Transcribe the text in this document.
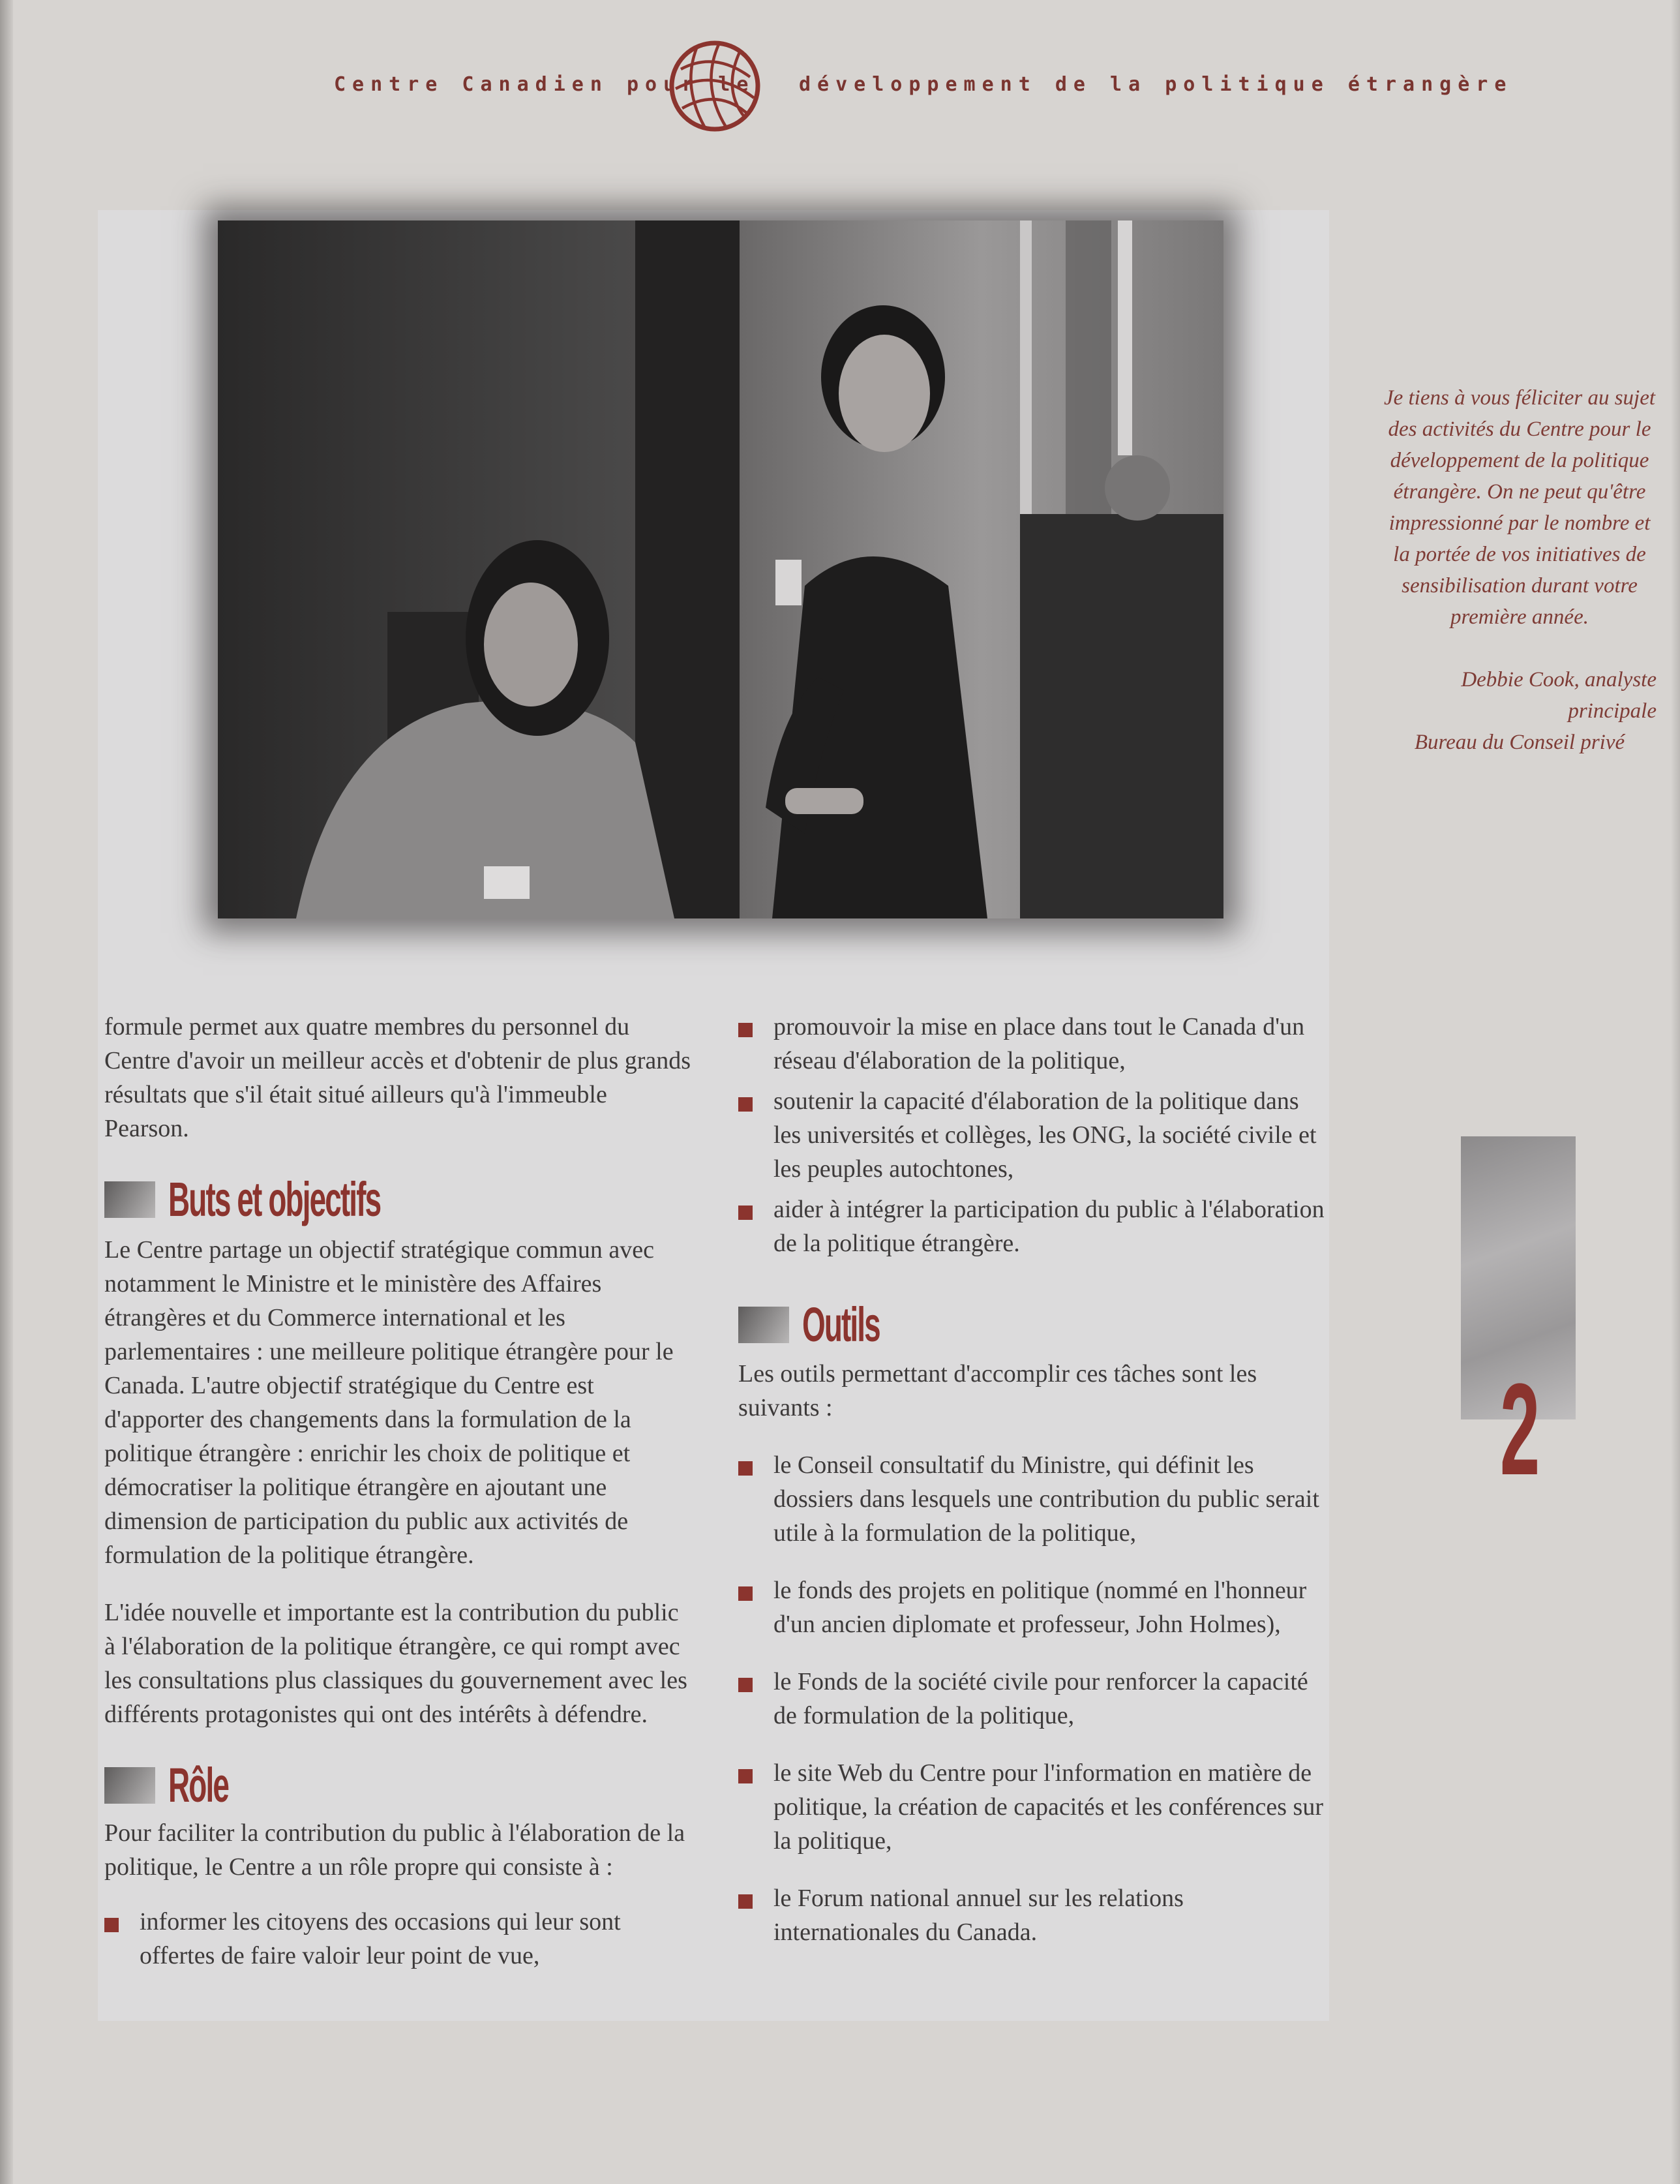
Centre Canadien pour le développement de la politique étrangère

Je tiens à vous féliciter au sujet des activités du Centre pour le développement de la politique étrangère. On ne peut qu'être impressionné par le nombre et la portée de vos initiatives de sensibilisation durant votre première année.

Debbie Cook, analyste
principale
Bureau du Conseil privé

formule permet aux quatre membres du personnel du Centre d'avoir un meilleur accès et d'obtenir de plus grands résultats que s'il était situé ailleurs qu'à l'immeuble Pearson.

Buts et objectifs

Le Centre partage un objectif stratégique commun avec notamment le Ministre et le ministère des Affaires étrangères et du Commerce international et les parlementaires : une meilleure politique étrangère pour le Canada. L'autre objectif stratégique du Centre est d'apporter des changements dans la formulation de la politique étrangère : enrichir les choix de politique et démocratiser la politique étrangère en ajoutant une dimension de participation du public aux activités de formulation de la politique étrangère.

L'idée nouvelle et importante est la contribution du public à l'élaboration de la politique étrangère, ce qui rompt avec les consultations plus classiques du gouvernement avec les différents protagonistes qui ont des intérêts à défendre.

Rôle

Pour faciliter la contribution du public à l'élaboration de la politique, le Centre a un rôle propre qui consiste à :

informer les citoyens des occasions qui leur sont offertes de faire valoir leur point de vue,
promouvoir la mise en place dans tout le Canada d'un réseau d'élaboration de la politique,
soutenir la capacité d'élaboration de la politique dans les universités et collèges, les ONG, la société civile et les peuples autochtones,
aider à intégrer la participation du public à l'élaboration de la politique étrangère.
Outils

Les outils permettant d'accomplir ces tâches sont les suivants :

le Conseil consultatif du Ministre, qui définit les dossiers dans lesquels une contribution du public serait utile à la formulation de la politique,
le fonds des projets en politique (nommé en l'honneur d'un ancien diplomate et professeur, John Holmes),
le Fonds de la société civile pour renforcer la capacité de formulation de la politique,
le site Web du Centre pour l'information en matière de politique, la création de capacités et les conférences sur la politique,
le Forum national annuel sur les relations internationales du Canada.
2
